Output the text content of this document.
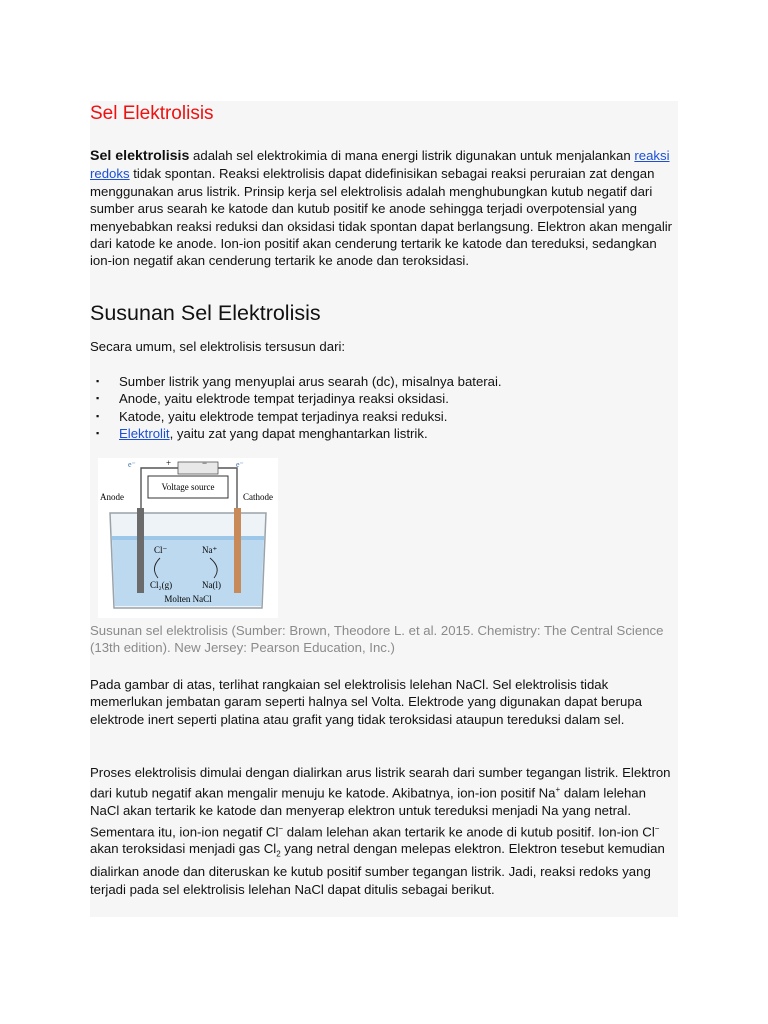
Sel Elektrolisis

Sel elektrolisis adalah sel elektrokimia di mana energi listrik digunakan untuk menjalankan reaksi redoks tidak spontan. Reaksi elektrolisis dapat didefinisikan sebagai reaksi peruraian zat dengan menggunakan arus listrik. Prinsip kerja sel elektrolisis adalah menghubungkan kutub negatif dari sumber arus searah ke katode dan kutub positif ke anode sehingga terjadi overpotensial yang menyebabkan reaksi reduksi dan oksidasi tidak spontan dapat berlangsung. Elektron akan mengalir dari katode ke anode. Ion-ion positif akan cenderung tertarik ke katode dan tereduksi, sedangkan ion-ion negatif akan cenderung tertarik ke anode dan teroksidasi.

Susunan Sel Elektrolisis

Secara umum, sel elektrolisis tersusun dari:

▪ Sumber listrik yang menyuplai arus searah (dc), misalnya baterai.
▪ Anode, yaitu elektrode tempat terjadinya reaksi oksidasi.
▪ Katode, yaitu elektrode tempat terjadinya reaksi reduksi.
▪ Elektrolit, yaitu zat yang dapat menghantarkan listrik.
Voltage source
+	−
e⁻	e⁻
Anode	Cathode
Cl⁻	Na⁺
Cl₂(g)	Na(l)
Molten NaCl

Susunan sel elektrolisis (Sumber: Brown, Theodore L. et al. 2015. Chemistry: The Central Science (13th edition). New Jersey: Pearson Education, Inc.)

Pada gambar di atas, terlihat rangkaian sel elektrolisis lelehan NaCl. Sel elektrolisis tidak memerlukan jembatan garam seperti halnya sel Volta. Elektrode yang digunakan dapat berupa elektrode inert seperti platina atau grafit yang tidak teroksidasi ataupun tereduksi dalam sel.

Proses elektrolisis dimulai dengan dialirkan arus listrik searah dari sumber tegangan listrik. Elektron dari kutub negatif akan mengalir menuju ke katode. Akibatnya, ion-ion positif Na+ dalam lelehan NaCl akan tertarik ke katode dan menyerap elektron untuk tereduksi menjadi Na yang netral. Sementara itu, ion-ion negatif Cl− dalam lelehan akan tertarik ke anode di kutub positif. Ion-ion Cl− akan teroksidasi menjadi gas $Cl_2$ yang netral dengan melepas elektron. Elektron tesebut kemudian dialirkan anode dan diteruskan ke kutub positif sumber tegangan listrik. Jadi, reaksi redoks yang terjadi pada sel elektrolisis lelehan NaCl dapat ditulis sebagai berikut.
